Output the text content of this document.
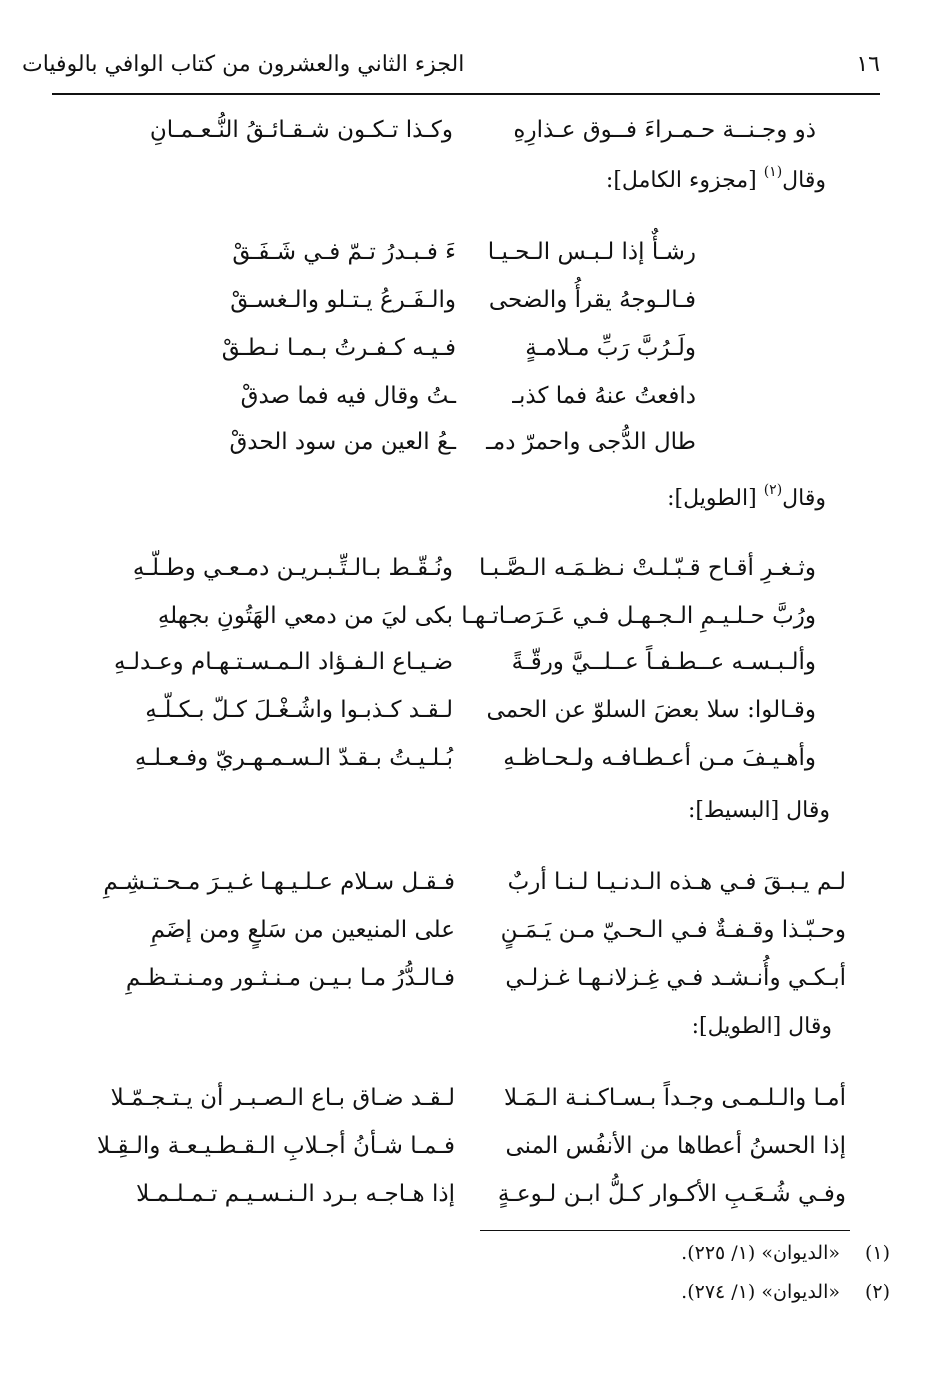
١٦
الجزء الثاني والعشرون من كتاب الوافي بالوفيات
ذو وجـنــة حـمـراءَ فــوق عـذارِهِ
وكـذا تـكـون شـقـائـقُ النُّـعـمـانِ
وقال
$^{(١)}$

[مجزوء الكامل]:
رشـأٌ إذا لـبـس الـحـيـا
ءَ فـبـدرُ تـمّ فـي شَـفَـقْ
فـالـوجهُ يقرأُ والضحى
والـفَـرعُ يـتـلو والـغسـقْ
ولَـرُبَّ رَبِّ مـلامـةٍ
فـيـه كـفـرتُ بـمـا نـطـقْ
دافعتُ عنهُ فما كذبـ
ـتُ وقال فيه فما صدقْ
طال الدُّجى واحمرّ دمـ
ـعُ العين من سود الحدقْ
وقال
$^{(٢)}$

[الطويل]:
وثـغـرِ أقـاح قـبّـلـتْ نـظـمَـه الـصَّـبـا
ونُـقّـط بـالـتِّـبـريـن دمـعـي وطـلّـهِ
ورُبَّ حـلـيـمِ الـجـهـل فـي عَـرَصـاتـهـا
بكى ليَ من دمعي الهَتُونِ بجهلهِ
وألـبـسـه عــطـفـاً عــلــيَّ ورقّـةً
ضـيـاع الـفـؤاد الـمـسـتـهـام وعـدلـهِ
وقـالوا: سلا بعضَ السلوّ عن الحمى
لـقـد كـذبـوا واشُـغْـلَ كـلّ بـكـلّـهِ
وأهـيـفَ مـن أعـطـافـه ولـحـاظـهِ
بُـلـيـتُ بـقـدّ الـسـمـهـريّ وفـعـلـهِ
وقال

[البسيط]:
لـم يـبـقَ فـي هـذه الـدنـيـا لـنـا أربٌ
فـقـل سـلام عـلـيـهـا غـيـرَ مـحـتـشِـمِ
وحـبّـذا وقـفـةٌ فـي الـحـيّ مـن يَـمَـنٍ
على المنيعين من سَلعٍ ومن إضَمِ
أبـكـي وأُنـشـد فـي غِـزلانـهـا غـزلـي
فـالـدُّرُ مـا بـيـن مـنـثـور ومـنـتـظـمِ
وقال

[الطويل]:
أمـا والـلـمـى وجـداً بـسـاكـنـة الـمَـلا
لـقـد ضـاق بـاع الـصـبـر أن يـتـجـمّـلا
إذا الحسنُ أعطاها من الأنفُس المنى
فـمـا شـأنُ أجـلابِ الـقـطـيـعـة والـقِـلا
وفـي شُـعَـبِ الأكـوار كـلُّ ابـن لـوعـةٍ
إذا هـاجـه بـرد الـنـسـيـم تـمـلـمـلا
(١)
«الديوان» (١/ ٢٢٥).
(٢)
«الديوان» (١/ ٢٧٤).
